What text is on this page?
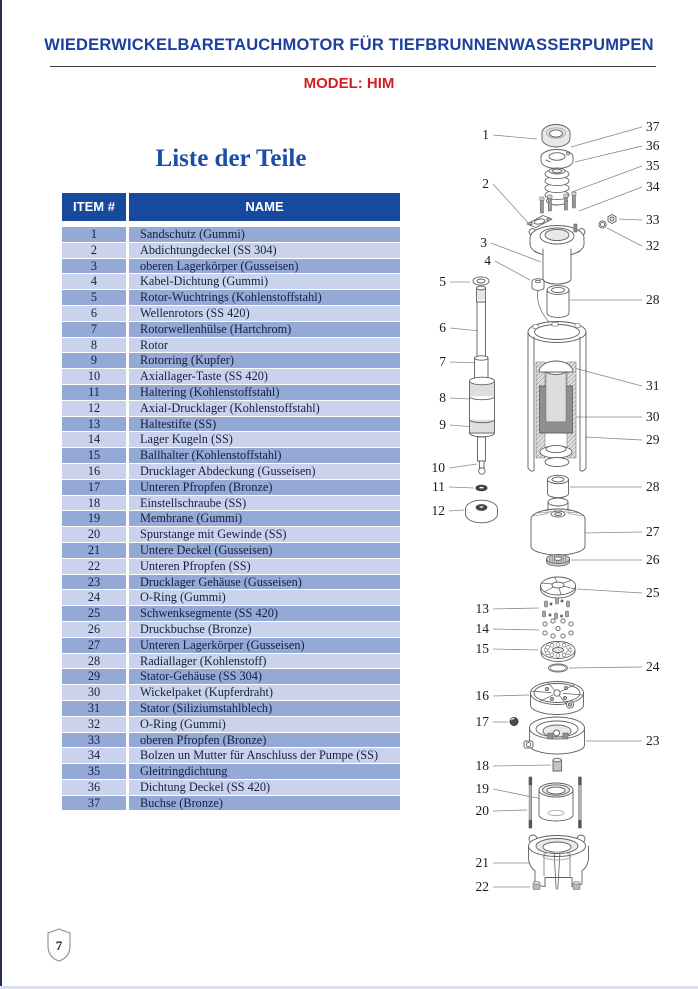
WIEDERWICKELBARETAUCHMOTOR FÜR TIEFBRUNNENWASSERPUMPEN
MODEL: HIM
Liste der Teile
ITEM #	NAME
1	Sandschutz (Gummi)
2	Abdichtungdeckel (SS 304)
3	oberen Lagerkörper (Gusseisen)
4	Kabel-Dichtung (Gummi)
5	Rotor-Wuchtrings (Kohlenstoffstahl)
6	Wellenrotors (SS 420)
7	Rotorwellenhülse (Hartchrom)
8	Rotor
9	Rotorring (Kupfer)
10	Axiallager-Taste (SS 420)
11	Haltering (Kohlenstoffstahl)
12	Axial-Drucklager (Kohlenstoffstahl)
13	Haltestifte (SS)
14	Lager Kugeln (SS)
15	Ballhalter (Kohlenstoffstahl)
16	Drucklager Abdeckung (Gusseisen)
17	Unteren Pfropfen (Bronze)
18	Einstellschraube (SS)
19	Membrane (Gummi)
20	Spurstange mit Gewinde (SS)
21	Untere Deckel (Gusseisen)
22	Unteren Pfropfen (SS)
23	Drucklager Gehäuse (Gusseisen)
24	O-Ring (Gummi)
25	Schwenksegmente (SS 420)
26	Druckbuchse (Bronze)
27	Unteren Lagerkörper (Gusseisen)
28	Radiallager (Kohlenstoff)
29	Stator-Gehäuse (SS 304)
30	Wickelpaket (Kupferdraht)
31	Stator (Siliziumstahlblech)
32	O-Ring (Gummi)
33	oberen Pfropfen (Bronze)
34	Bolzen un Mutter für Anschluss der Pumpe (SS)
35	Gleitringdichtung
36	Dichtung Deckel (SS 420)
37	Buchse (Bronze)
1
2
3
4
5
6
7
8
9
10
11
12
13
14
15
16
17
18
19
20
21
22
37
36
35
34
33
32
28
31
30
29
28
27
26
25
24
23
7
